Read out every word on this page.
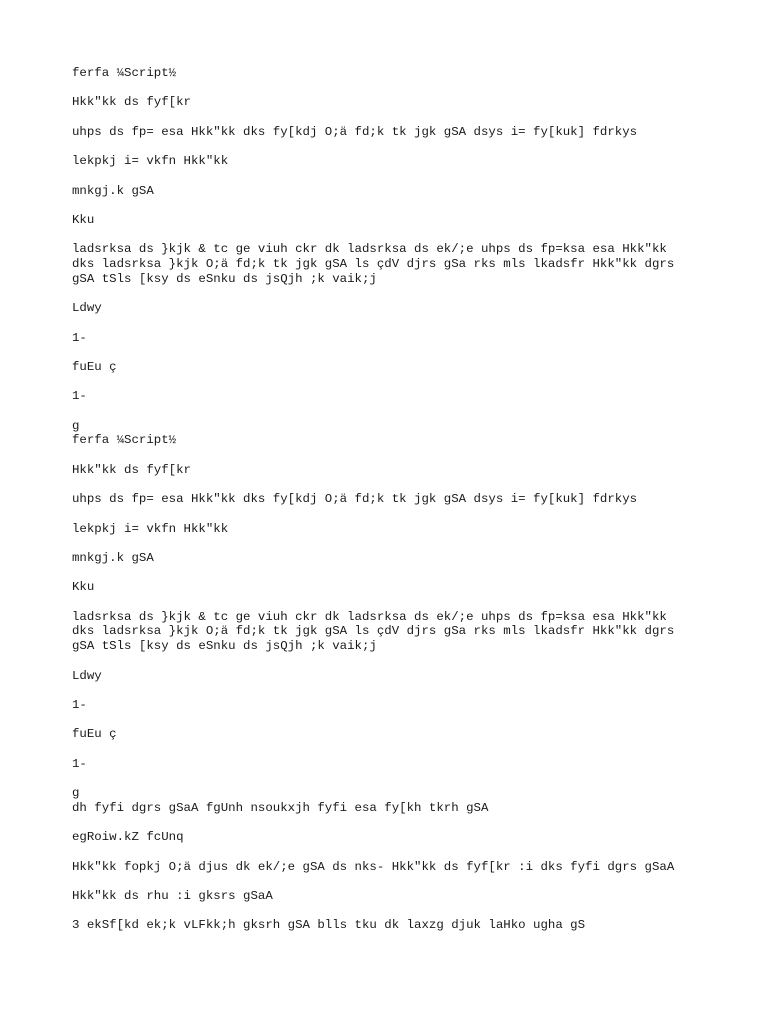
ferfa ¼Script½

Hkk"kk ds fyf[kr

uhps ds fp= esa Hkk"kk dks fy[kdj O;ä fd;k tk jgk gSA dsys i= fy[kuk] fdrkys

lekpkj i= vkfn Hkk"kk

mnkgj.k gSA

Kku

ladsrksa ds }kjk & tc ge viuh ckr dk ladsrksa ds ek/;e uhps ds fp=ksa esa Hkk"kk
dks ladsrksa }kjk O;ä fd;k tk jgk gSA ls çdV djrs gSa rks mls lkadsfr Hkk"kk dgrs
gSA tSls [ksy ds eSnku ds jsQjh ;k vaik;j

Ldwy

1-

fuEu ç

1-

g
ferfa ¼Script½

Hkk"kk ds fyf[kr

uhps ds fp= esa Hkk"kk dks fy[kdj O;ä fd;k tk jgk gSA dsys i= fy[kuk] fdrkys

lekpkj i= vkfn Hkk"kk

mnkgj.k gSA

Kku

ladsrksa ds }kjk & tc ge viuh ckr dk ladsrksa ds ek/;e uhps ds fp=ksa esa Hkk"kk
dks ladsrksa }kjk O;ä fd;k tk jgk gSA ls çdV djrs gSa rks mls lkadsfr Hkk"kk dgrs
gSA tSls [ksy ds eSnku ds jsQjh ;k vaik;j

Ldwy

1-

fuEu ç

1-

g
dh fyfi dgrs gSaA fgUnh nsoukxjh fyfi esa fy[kh tkrh gSA

egRoiw.kZ fcUnq

Hkk"kk fopkj O;ä djus dk ek/;e gSA ds nks- Hkk"kk ds fyf[kr :i dks fyfi dgrs gSaA

Hkk"kk ds rhu :i gksrs gSaA

3 ekSf[kd ek;k vLFkk;h gksrh gSA blls tku dk laxzg djuk laHko ugha gS
